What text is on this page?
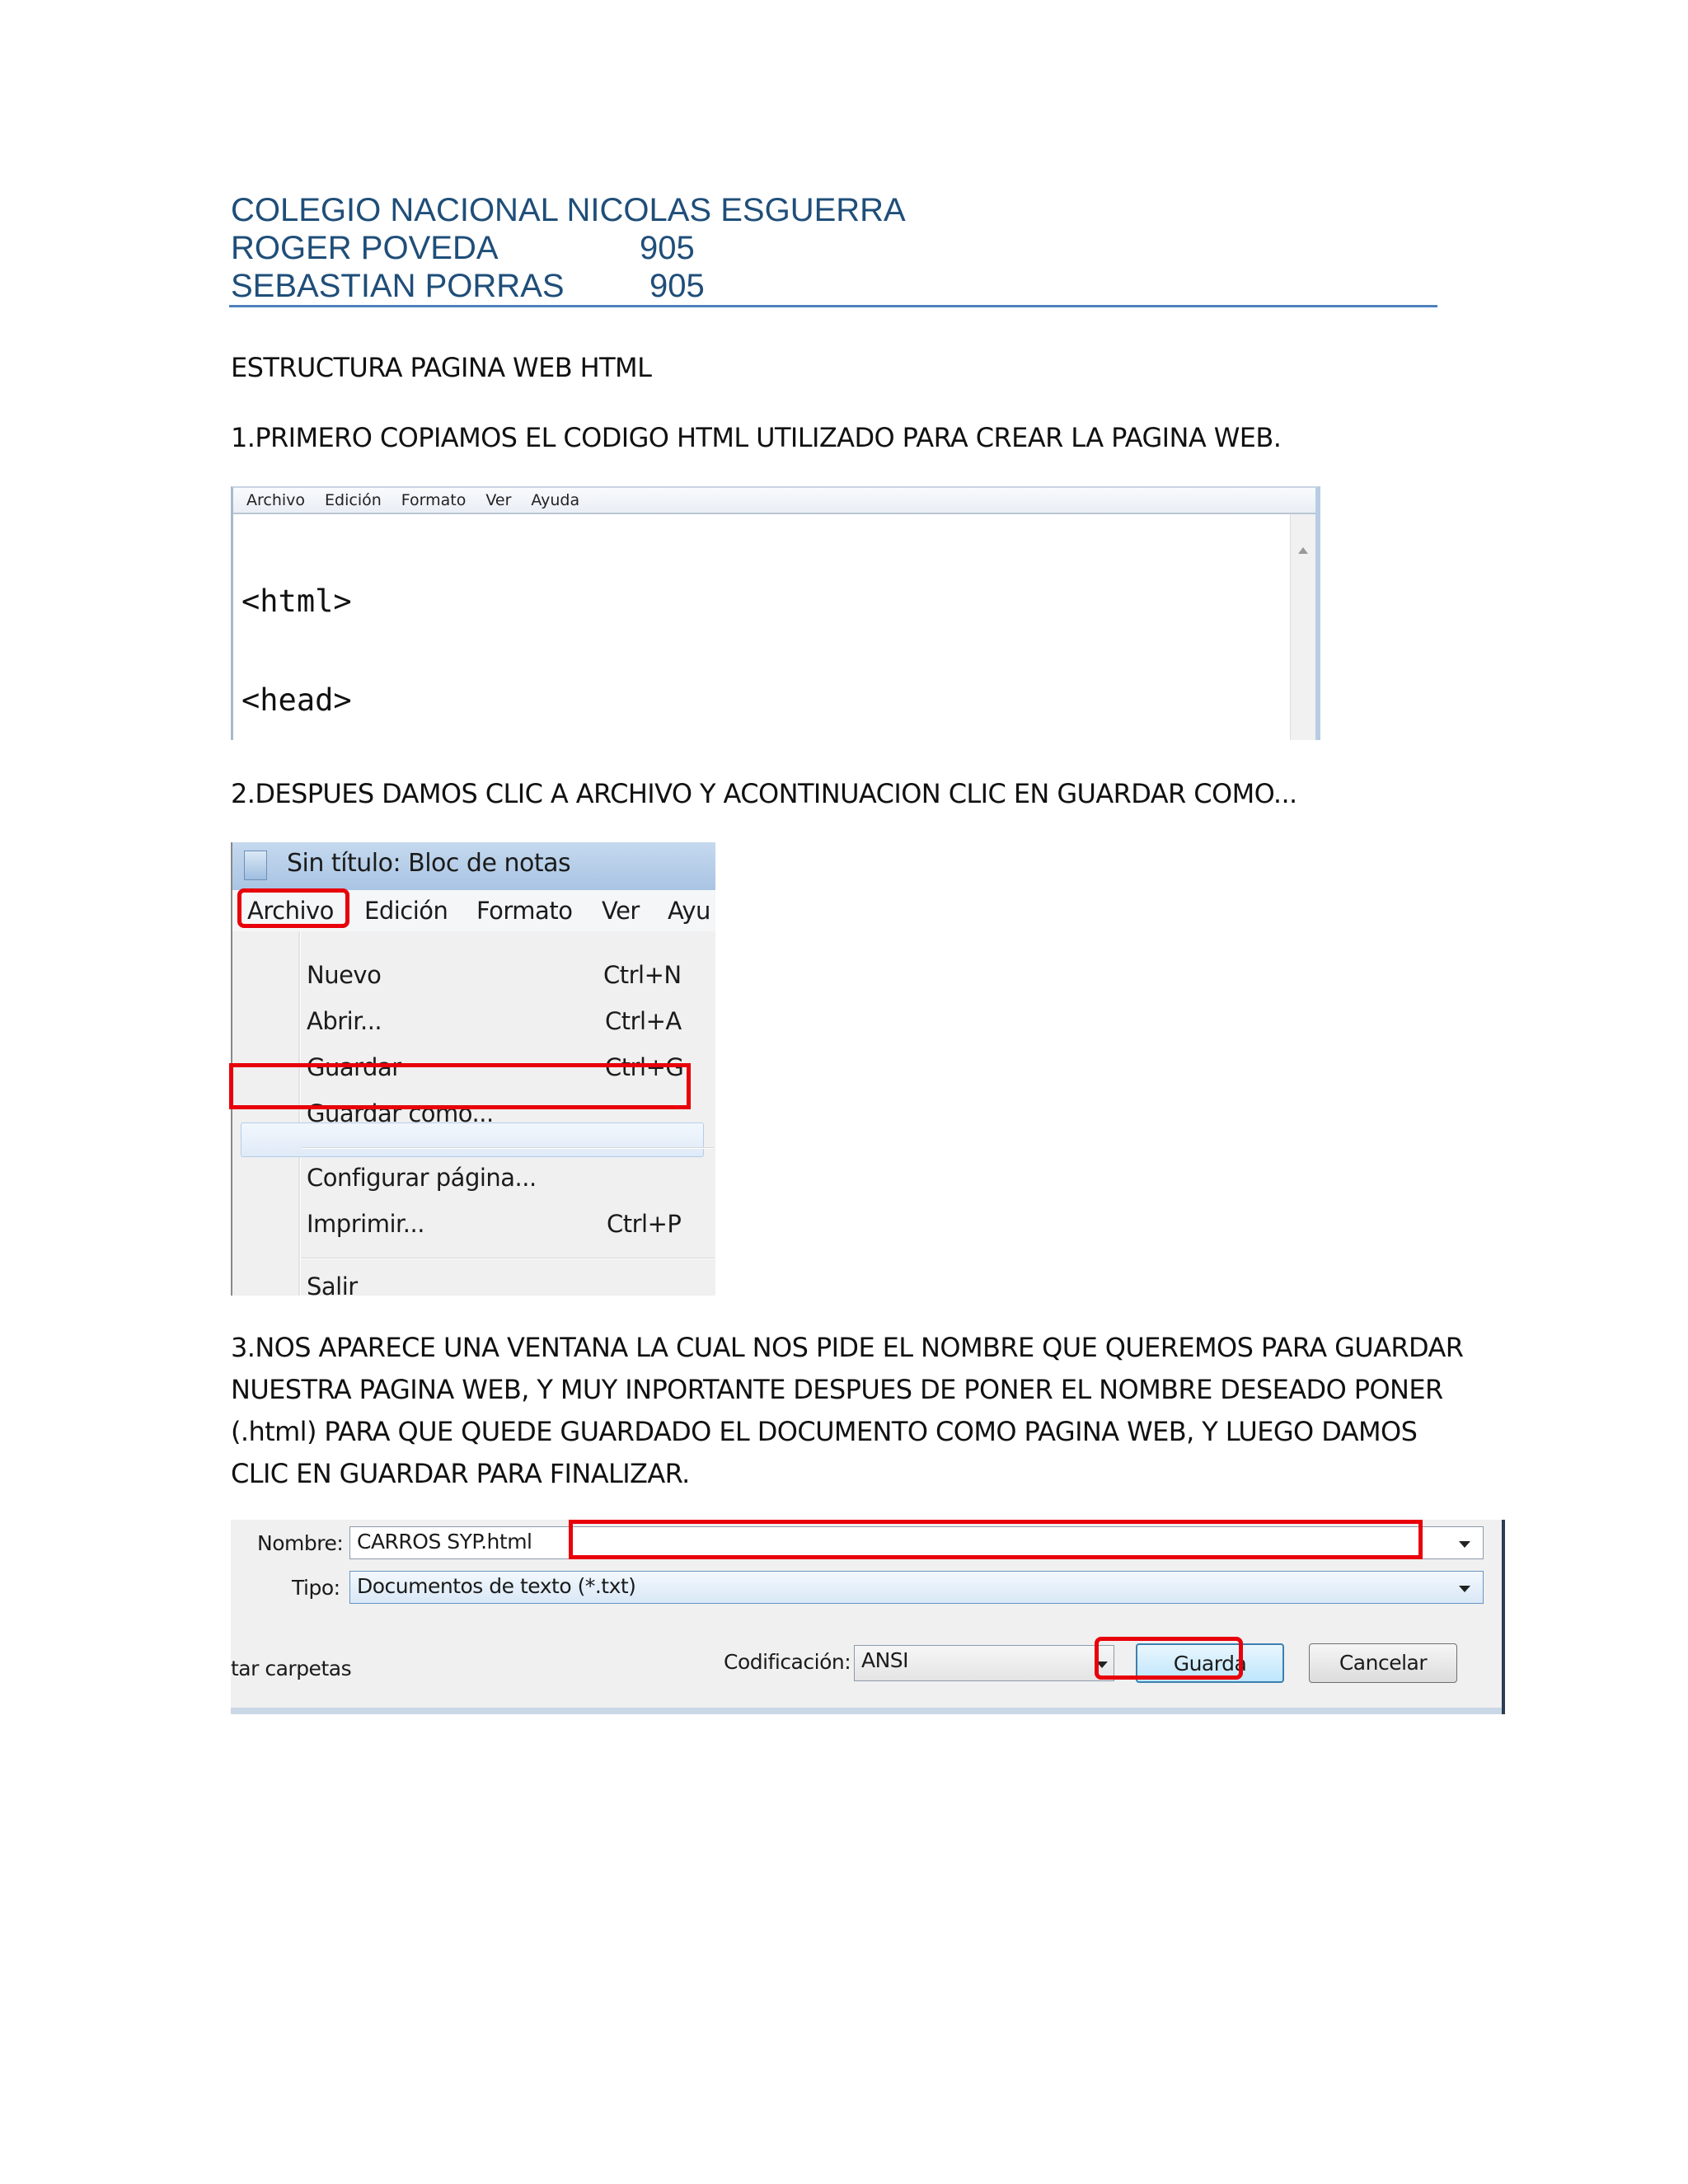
COLEGIO NACIONAL NICOLAS ESGUERRA
ROGER POVEDA	905
SEBASTIAN PORRAS	905
ESTRUCTURA PAGINA WEB HTML
1.PRIMERO COPIAMOS EL CODIGO HTML UTILIZADO PARA CREAR LA PAGINA WEB.
Archivo Edición Formato Ver Ayuda

<html>

<head>

2.DESPUES DAMOS CLIC A ARCHIVO Y ACONTINUACION CLIC EN GUARDAR COMO...
Sin título: Bloc de notas
Archivo Edición Formato Ver Ayu
Nuevo	Ctrl+N
Abrir...	Ctrl+A
Guardar	Ctrl+G
Guardar como...
Configurar página...
Imprimir...	Ctrl+P
Salir
3.NOS APARECE UNA VENTANA LA CUAL NOS PIDE EL NOMBRE QUE QUEREMOS PARA GUARDAR
NUESTRA PAGINA WEB, Y MUY INPORTANTE DESPUES DE PONER EL NOMBRE DESEADO PONER
(.html) PARA QUE QUEDE GUARDADO EL DOCUMENTO COMO PAGINA WEB, Y LUEGO DAMOS
CLIC EN GUARDAR PARA FINALIZAR.
Nombre: CARROS SYP.html
Tipo: Documentos de texto (*.txt)
tar carpetas	Codificación: ANSI	Guarda	Cancelar
